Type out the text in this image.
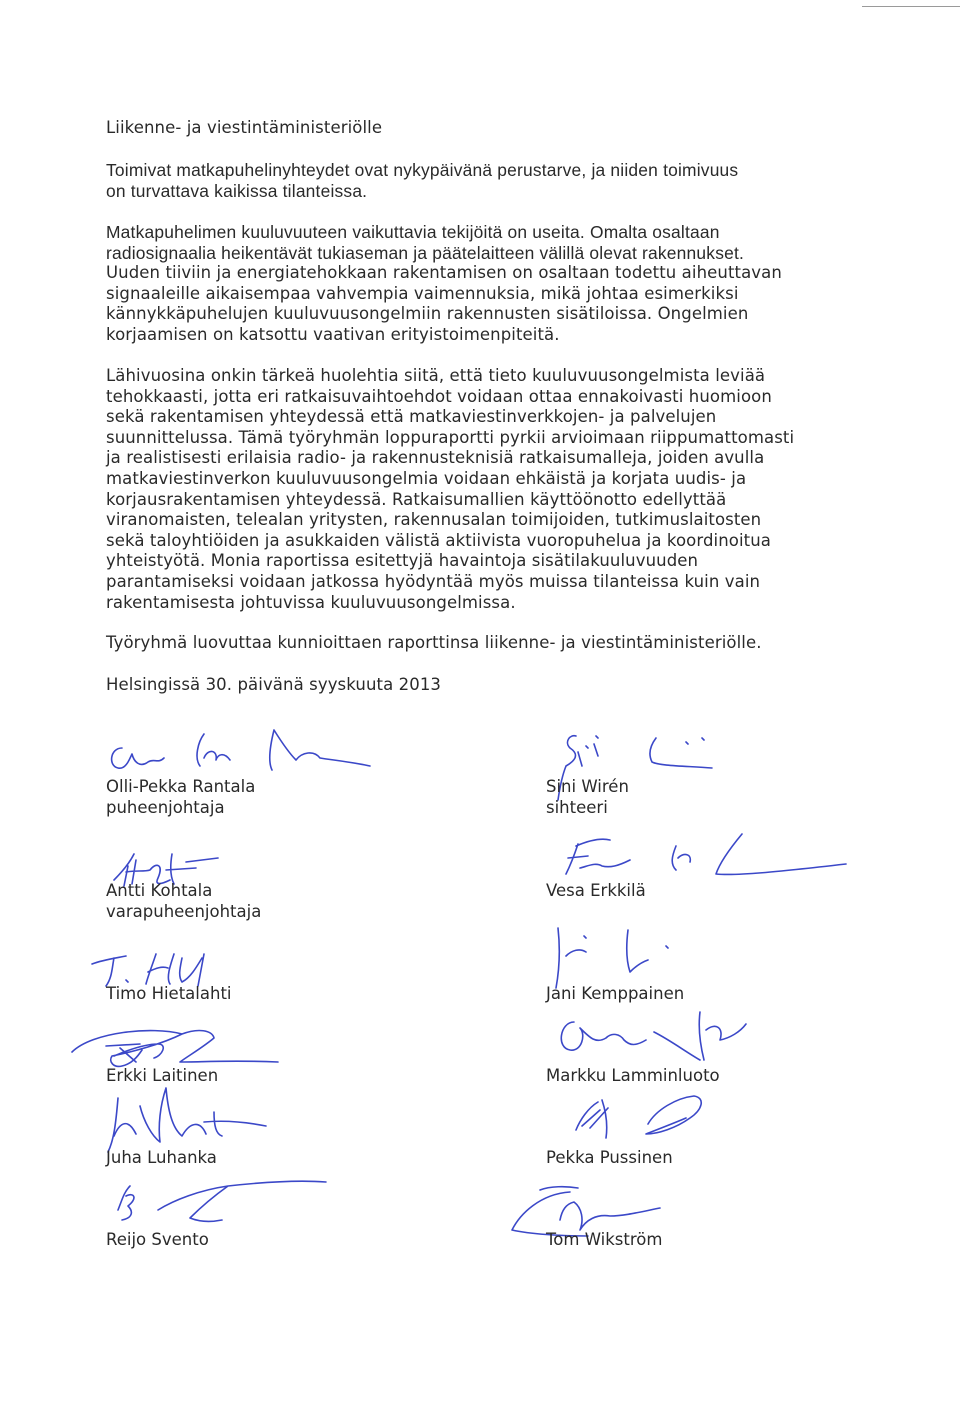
Liikenne- ja viestintäministeriölle

Toimivat matkapuhelinyhteydet ovat nykypäivänä perustarve, ja niiden toimivuus
on turvattava kaikissa tilanteissa.

Matkapuhelimen kuuluvuuteen vaikuttavia tekijöitä on useita. Omalta osaltaan
radiosignaalia heikentävät tukiaseman ja päätelaitteen välillä olevat rakennukset.

Uuden tiiviin ja energiatehokkaan rakentamisen on osaltaan todettu aiheuttavan
signaaleille aikaisempaa vahvempia vaimennuksia, mikä johtaa esimerkiksi
kännykkäpuhelujen kuuluvuusongelmiin rakennusten sisätiloissa. Ongelmien
korjaamisen on katsottu vaativan erityistoimenpiteitä.

Lähivuosina onkin tärkeä huolehtia siitä, että tieto kuuluvuusongelmista leviää
tehokkaasti, jotta eri ratkaisuvaihtoehdot voidaan ottaa ennakoivasti huomioon
sekä rakentamisen yhteydessä että matkaviestinverkkojen- ja palvelujen
suunnittelussa. Tämä työryhmän loppuraportti pyrkii arvioimaan riippumattomasti
ja realistisesti erilaisia radio- ja rakennusteknisiä ratkaisumalleja, joiden avulla
matkaviestinverkon kuuluvuusongelmia voidaan ehkäistä ja korjata uudis- ja
korjausrakentamisen yhteydessä. Ratkaisumallien käyttöönotto edellyttää
viranomaisten, telealan yritysten, rakennusalan toimijoiden, tutkimuslaitosten
sekä taloyhtiöiden ja asukkaiden välistä aktiivista vuoropuhelua ja koordinoitua
yhteistyötä. Monia raportissa esitettyjä havaintoja sisätilakuuluvuuden
parantamiseksi voidaan jatkossa hyödyntää myös muissa tilanteissa kuin vain
rakentamisesta johtuvissa kuuluvuusongelmissa.

Työryhmä luovuttaa kunnioittaen raporttinsa liikenne- ja viestintäministeriölle.

Helsingissä 30. päivänä syyskuuta 2013

Olli-Pekka Rantala

puheenjohtaja

Antti Kohtala

varapuheenjohtaja

Timo Hietalahti

Erkki Laitinen

Juha Luhanka

Reijo Svento

Sini Wirén

sihteeri

Vesa Erkkilä

Jani Kemppainen

Markku Lamminluoto

Pekka Pussinen

Tom Wikström
